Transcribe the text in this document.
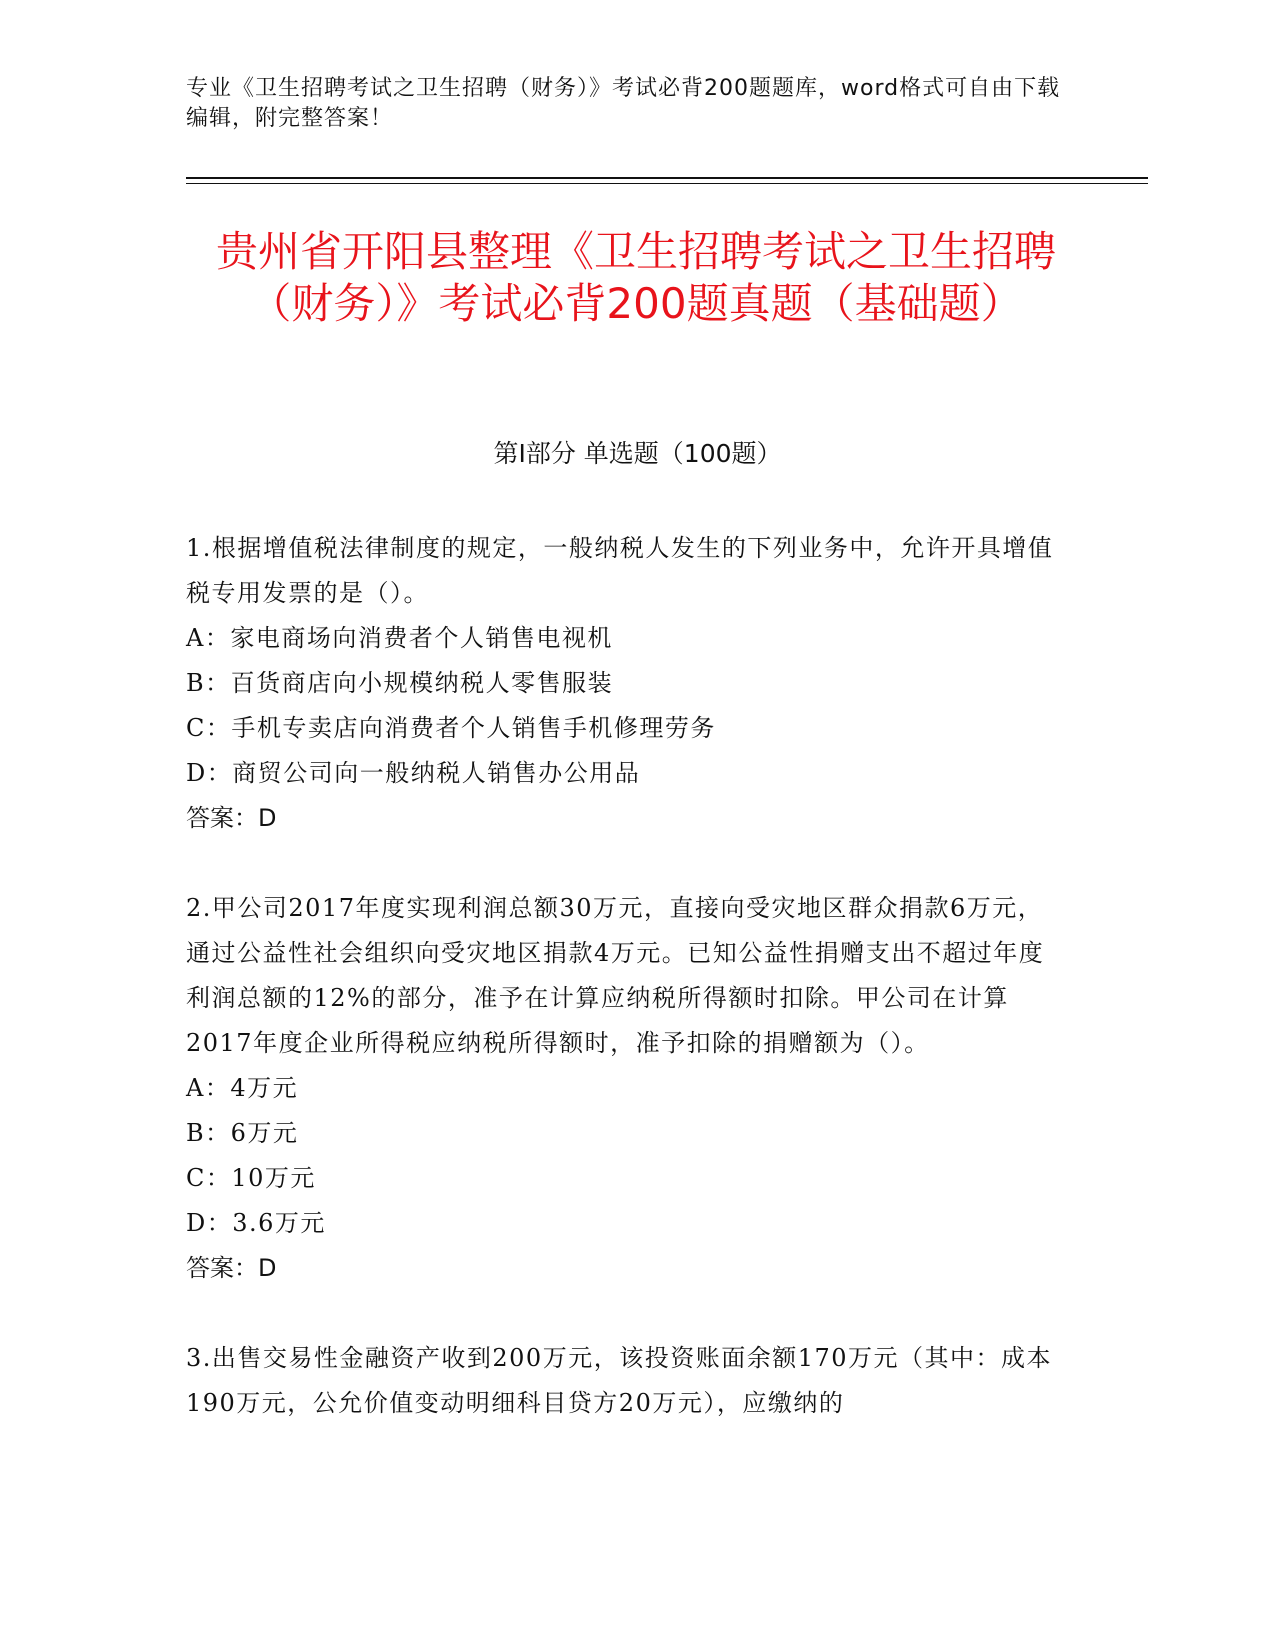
专业《卫生招聘考试之卫生招聘（财务）》考试必背200题题库，word格式可自由下载编辑，附完整答案！
贵州省开阳县整理《卫生招聘考试之卫生招聘（财务）》考试必背200题真题（基础题）
第I部分 单选题（100题）

1.根据增值税法律制度的规定，一般纳税人发生的下列业务中，允许开具增值税专用发票的是（）。

A：家电商场向消费者个人销售电视机

B：百货商店向小规模纳税人零售服装

C：手机专卖店向消费者个人销售手机修理劳务

D：商贸公司向一般纳税人销售办公用品

答案：D

2.甲公司2017年度实现利润总额30万元，直接向受灾地区群众捐款6万元，通过公益性社会组织向受灾地区捐款4万元。已知公益性捐赠支出不超过年度利润总额的12%的部分，准予在计算应纳税所得额时扣除。甲公司在计算2017年度企业所得税应纳税所得额时，准予扣除的捐赠额为（）。

A：4万元

B：6万元

C：10万元

D：3.6万元

答案：D

3.出售交易性金融资产收到200万元，该投资账面余额170万元（其中：成本190万元，公允价值变动明细科目贷方20万元），应缴纳的
